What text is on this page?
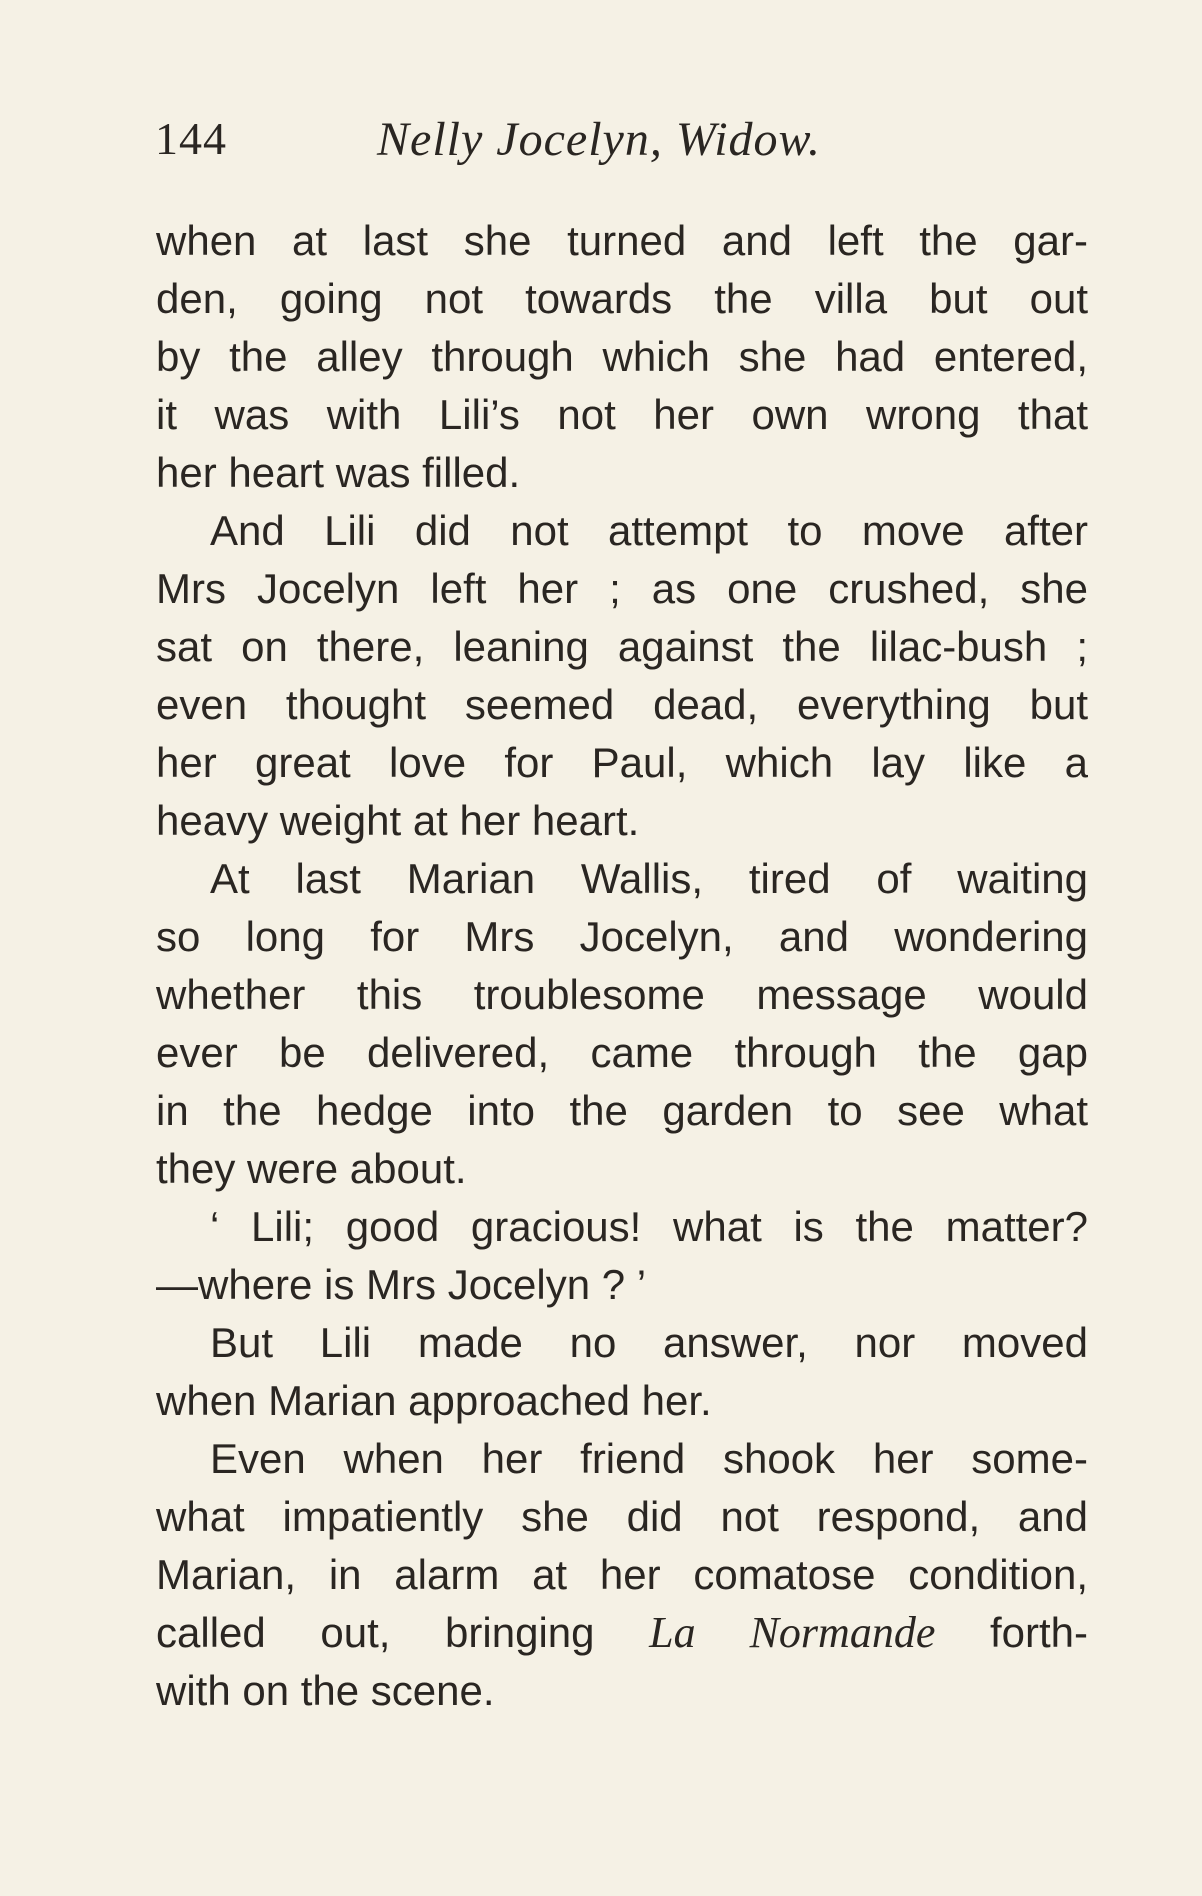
144	Nelly Jocelyn, Widow.
when at last she turned and left the gar-
den, going not towards the villa but out
by the alley through which she had entered,
it was with Lili’s not her own wrong that
her heart was filled.
And Lili did not attempt to move after
Mrs Jocelyn left her ; as one crushed, she
sat on there, leaning against the lilac-bush ;
even thought seemed dead, everything but
her great love for Paul, which lay like a
heavy weight at her heart.
At last Marian Wallis, tired of waiting
so long for Mrs Jocelyn, and wondering
whether this troublesome message would
ever be delivered, came through the gap
in the hedge into the garden to see what
they were about.
‘ Lili; good gracious! what is the matter?
—where is Mrs Jocelyn ? ’
But Lili made no answer, nor moved
when Marian approached her.
Even when her friend shook her some-
what impatiently she did not respond, and
Marian, in alarm at her comatose condition,
called out, bringing La Normande forth-
with on the scene.
